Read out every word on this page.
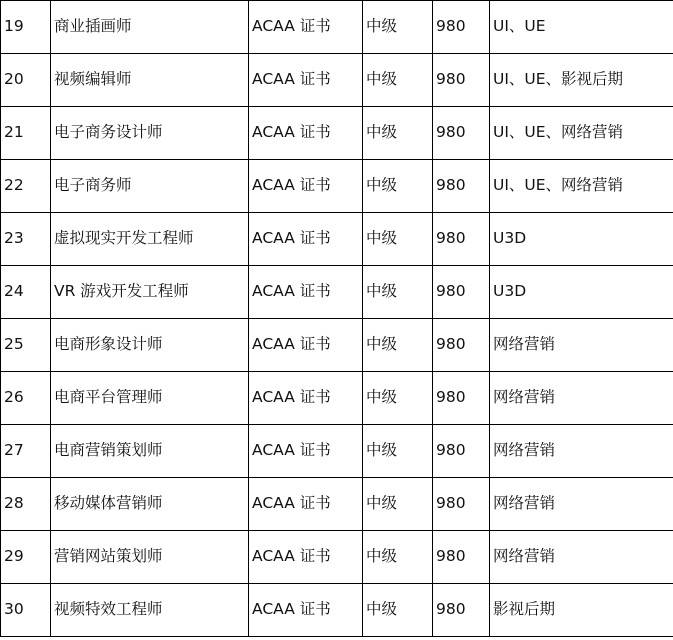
19	商业插画师	ACAA 证书	中级	980	UI、UE
20	视频编辑师	ACAA 证书	中级	980	UI、UE、影视后期
21	电子商务设计师	ACAA 证书	中级	980	UI、UE、网络营销
22	电子商务师	ACAA 证书	中级	980	UI、UE、网络营销
23	虚拟现实开发工程师	ACAA 证书	中级	980	U3D
24	VR 游戏开发工程师	ACAA 证书	中级	980	U3D
25	电商形象设计师	ACAA 证书	中级	980	网络营销
26	电商平台管理师	ACAA 证书	中级	980	网络营销
27	电商营销策划师	ACAA 证书	中级	980	网络营销
28	移动媒体营销师	ACAA 证书	中级	980	网络营销
29	营销网站策划师	ACAA 证书	中级	980	网络营销
30	视频特效工程师	ACAA 证书	中级	980	影视后期
